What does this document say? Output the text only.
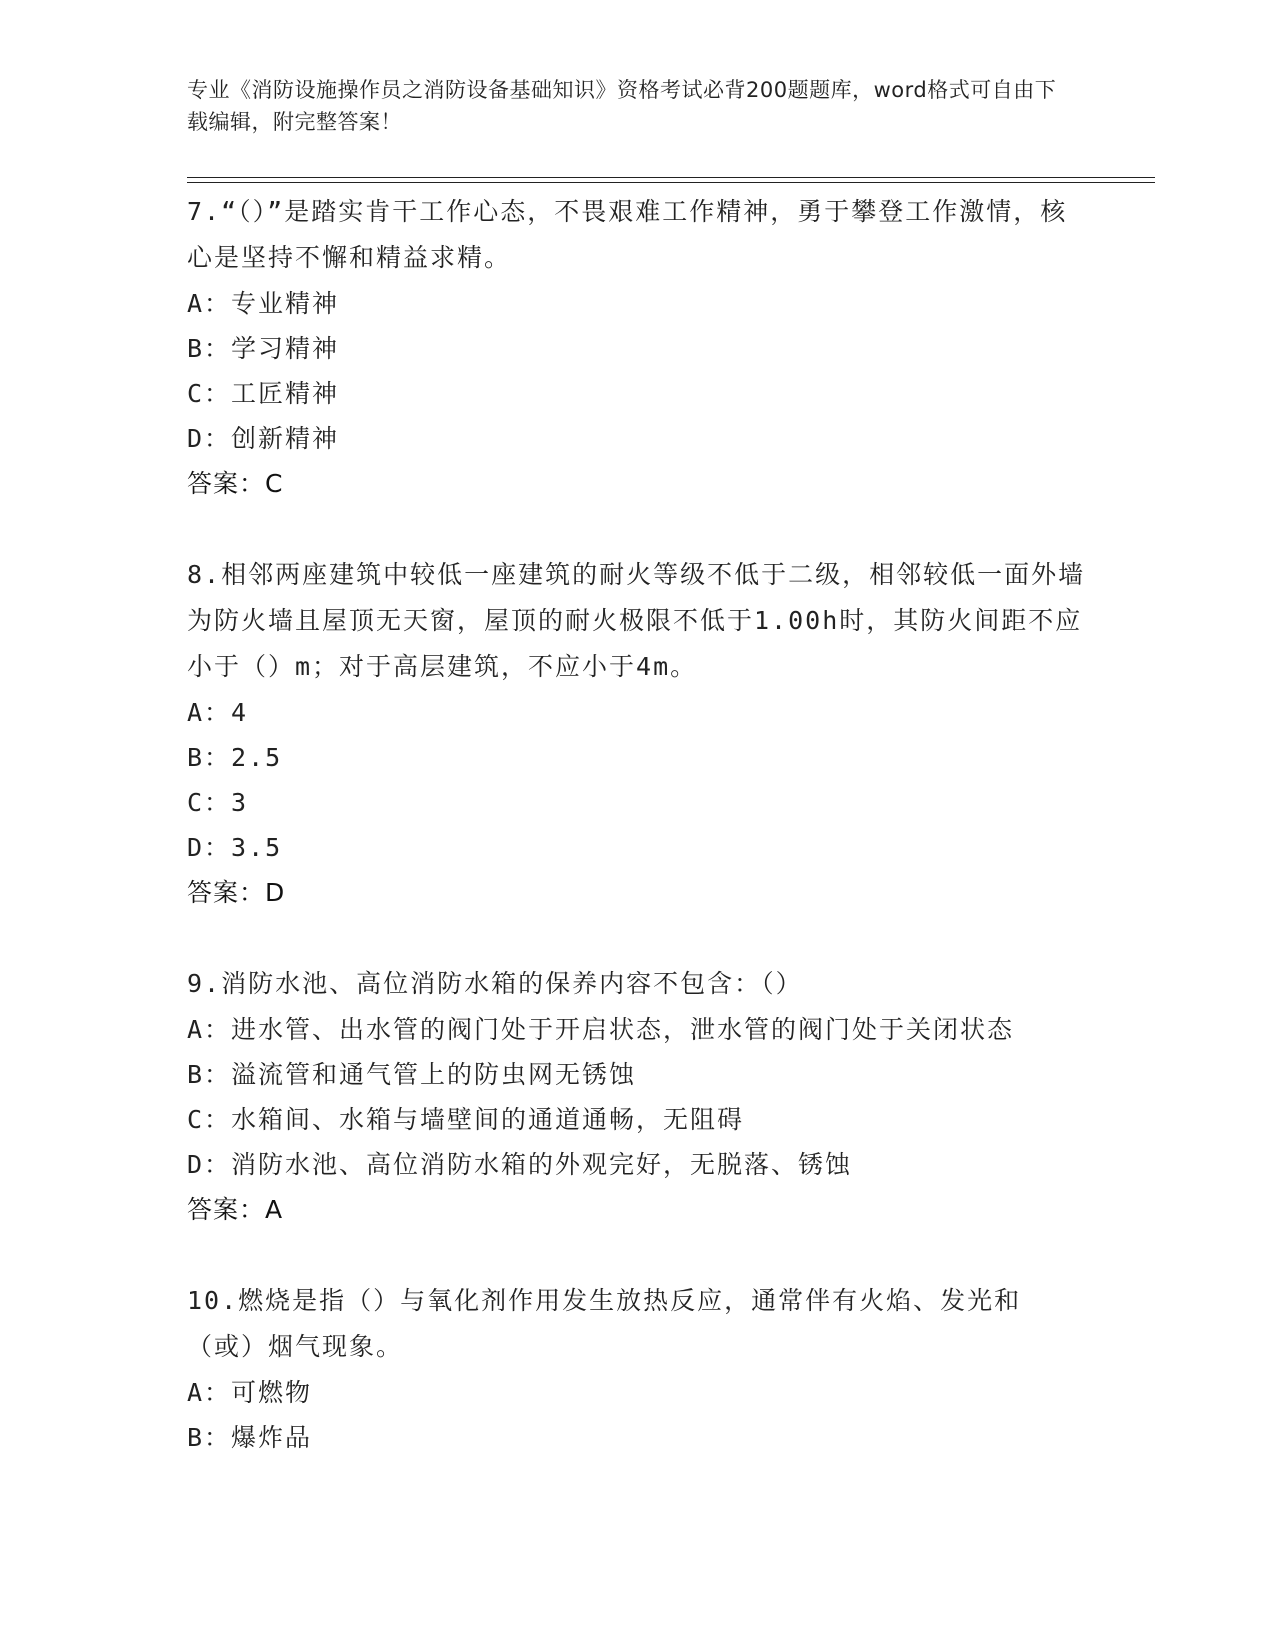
专业《消防设施操作员之消防设备基础知识》资格考试必背200题题库，word格式可自由下载编辑，附完整答案！

7.“（）”是踏实肯干工作心态，不畏艰难工作精神，勇于攀登工作激情，核心是坚持不懈和精益求精。

A：专业精神

B：学习精神

C：工匠精神

D：创新精神

答案：C

8.相邻两座建筑中较低一座建筑的耐火等级不低于二级，相邻较低一面外墙为防火墙且屋顶无天窗，屋顶的耐火极限不低于1.00h时，其防火间距不应小于（）m；对于高层建筑，不应小于4m。

A：4

B：2.5

C：3

D：3.5

答案：D

9.消防水池、高位消防水箱的保养内容不包含：（）

A：进水管、出水管的阀门处于开启状态，泄水管的阀门处于关闭状态

B：溢流管和通气管上的防虫网无锈蚀

C：水箱间、水箱与墙壁间的通道通畅，无阻碍

D：消防水池、高位消防水箱的外观完好，无脱落、锈蚀

答案：A

10.燃烧是指（）与氧化剂作用发生放热反应，通常伴有火焰、发光和（或）烟气现象。

A：可燃物

B：爆炸品
